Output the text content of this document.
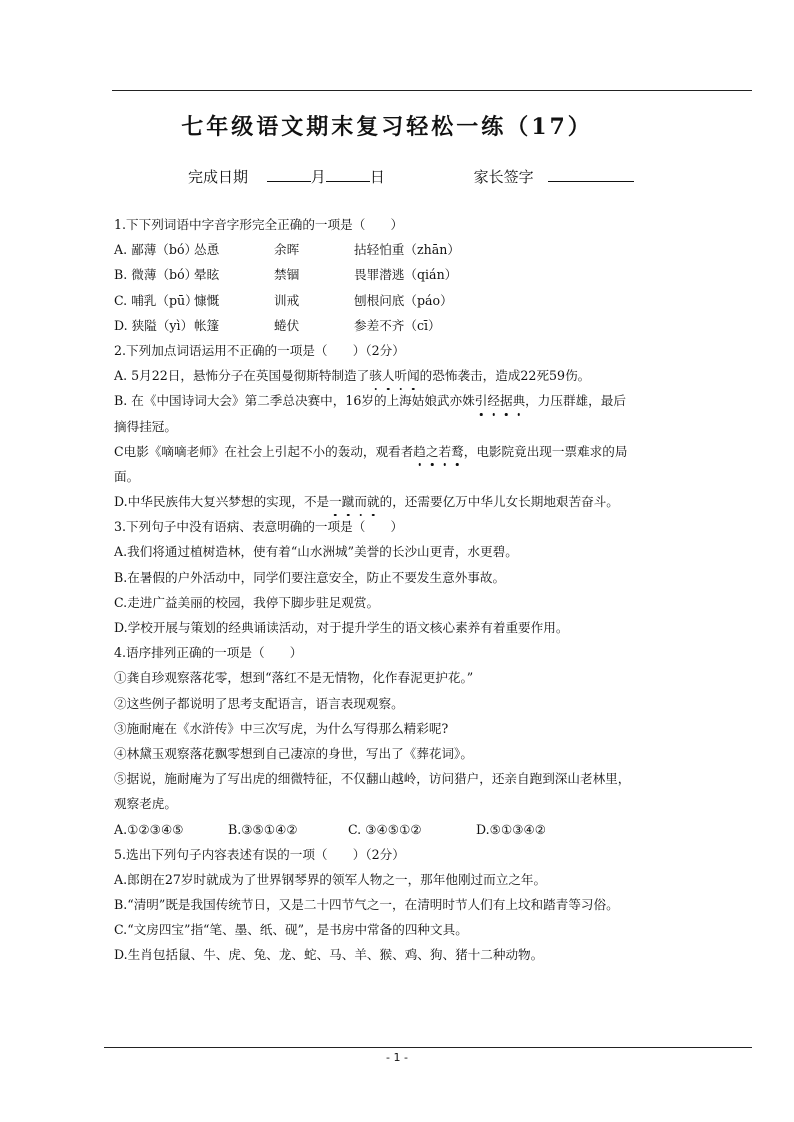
七年级语文期末复习轻松一练（17）
完成日期	月	日	家长签字
1.下下列词语中字音字形完全正确的一项是（　　）
A. 鄙薄（bó）怂恿	余晖	拈轻怕重（zhān）
B. 微薄（bó）晕眩	禁锢	畏罪潜逃（qián）
C. 哺乳（pū）慷慨	训戒	刨根问底（páo）
D. 狭隘（yì）帐篷	蜷伏	参差不齐（cī）
2.下列加点词语运用不正确的一项是（　　）（2分）
A. 5月22日，悬怖分子在英国曼彻斯特制造了骇人听闻的恐怖袭击，造成22死59伤。
B. 在《中国诗词大会》第二季总决赛中，16岁的上海姑娘武亦姝引经据典，力压群雄，最后
摘得挂冠。
C电影《嘀嘀老师》在社会上引起不小的轰动，观看者趋之若鹜，电影院竟出现一票难求的局
面。
D.中华民族伟大复兴梦想的实现，不是一蹴而就的，还需要亿万中华儿女长期地艰苦奋斗。
3.下列句子中没有语病、表意明确的一项是（　　）
A.我们将通过植树造林，使有着“山水洲城”美誉的长沙山更青，水更碧。
B.在暑假的户外活动中，同学们要注意安全，防止不要发生意外事故。
C.走进广益美丽的校园，我停下脚步驻足观赏。
D.学校开展与策划的经典诵读活动，对于提升学生的语文核心素养有着重要作用。
4.语序排列正确的一项是（　　）
①龚自珍观察落花零，想到“落红不是无情物，化作春泥更护花。”
②这些例子都说明了思考支配语言，语言表现观察。
③施耐庵在《水浒传》中三次写虎，为什么写得那么精彩呢?
④林黛玉观察落花飘零想到自己凄凉的身世，写出了《葬花词》。
⑤据说，施耐庵为了写出虎的细微特征，不仅翻山越岭，访问猎户，还亲自跑到深山老林里，
观察老虎。
A.①②③④⑤	B.③⑤①④②	C. ③④⑤①②	D.⑤①③④②
5.选出下列句子内容表述有误的一项（　　）（2分）
A.郎朗在27岁时就成为了世界钢琴界的领军人物之一，那年他刚过而立之年。
B.“清明”既是我国传统节日，又是二十四节气之一，在清明时节人们有上坟和踏青等习俗。
C.“文房四宝”指“笔、墨、纸、砚”，是书房中常备的四种文具。
D.生肖包括鼠、牛、虎、兔、龙、蛇、马、羊、猴、鸡、狗、猪十二种动物。
- 1 -
